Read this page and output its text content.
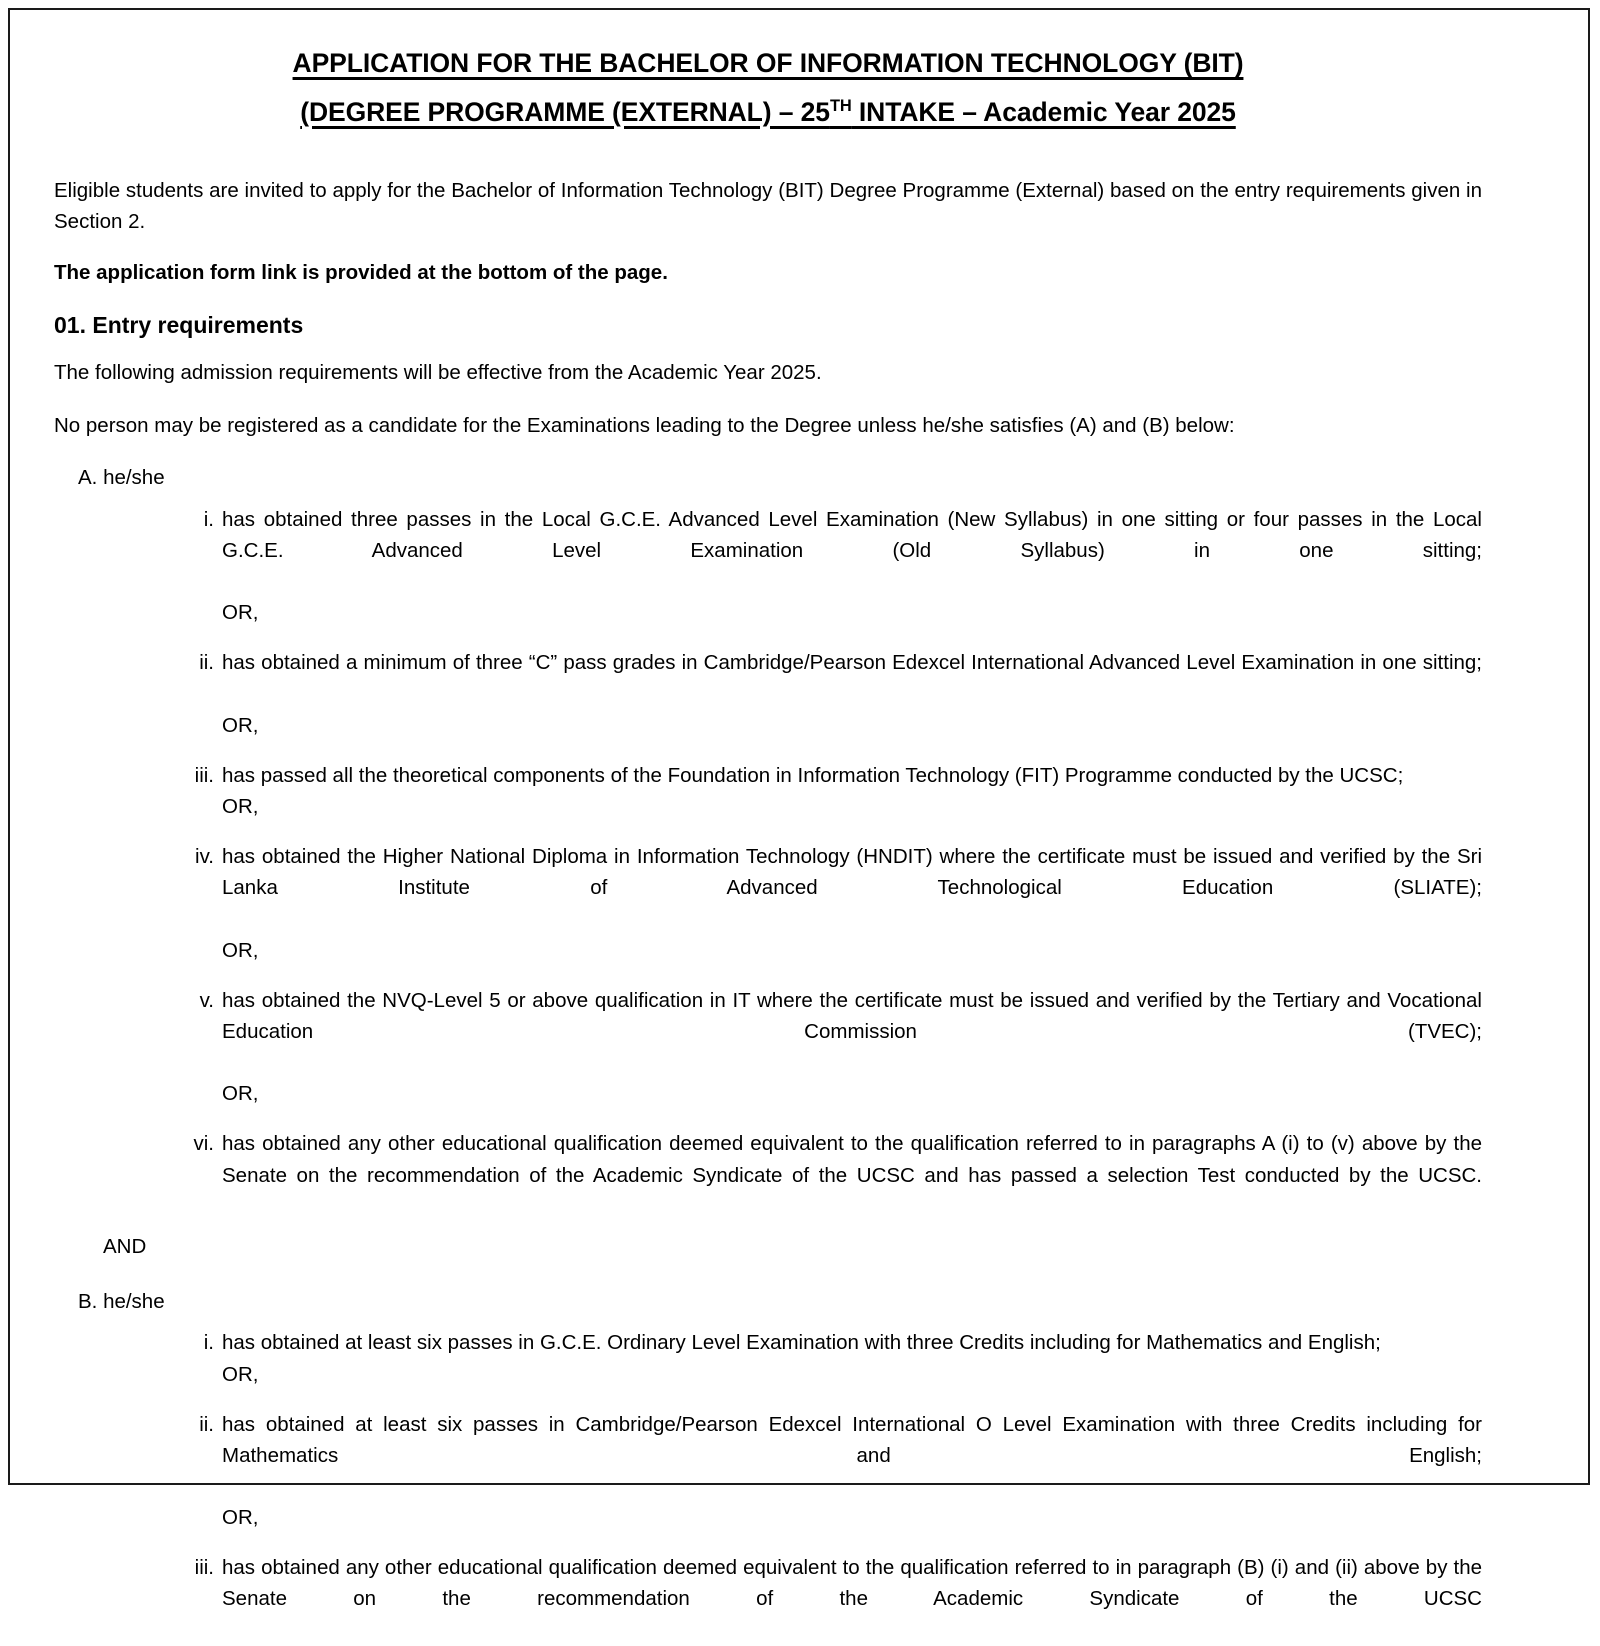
APPLICATION FOR THE BACHELOR OF INFORMATION TECHNOLOGY (BIT)
(DEGREE PROGRAMME (EXTERNAL) – 25TH INTAKE – Academic Year 2025

Eligible students are invited to apply for the Bachelor of Information Technology (BIT) Degree Programme (External) based on the entry requirements given in Section 2.

The application form link is provided at the bottom of the page.

01. Entry requirements

The following admission requirements will be effective from the Academic Year 2025.

No person may be registered as a candidate for the Examinations leading to the Degree unless he/she satisfies (A) and (B) below:

A. he/she
i. has obtained three passes in the Local G.C.E. Advanced Level Examination (New Syllabus) in one sitting or four passes in the Local G.C.E. Advanced Level Examination (Old Syllabus) in one sitting;
OR,
ii. has obtained a minimum of three “C” pass grades in Cambridge/Pearson Edexcel International Advanced Level Examination in one sitting;
OR,
iii. has passed all the theoretical components of the Foundation in Information Technology (FIT) Programme conducted by the UCSC;
OR,
iv. has obtained the Higher National Diploma in Information Technology (HNDIT) where the certificate must be issued and verified by the Sri Lanka Institute of Advanced Technological Education (SLIATE);
OR,
v. has obtained the NVQ-Level 5 or above qualification in IT where the certificate must be issued and verified by the Tertiary and Vocational Education Commission (TVEC);
OR,
vi. has obtained any other educational qualification deemed equivalent to the qualification referred to in paragraphs A (i) to (v) above by the Senate on the recommendation of the Academic Syndicate of the UCSC and has passed a selection Test conducted by the UCSC.
AND
B. he/she
i. has obtained at least six passes in G.C.E. Ordinary Level Examination with three Credits including for Mathematics and English;
OR,
ii. has obtained at least six passes in Cambridge/Pearson Edexcel International O Level Examination with three Credits including for Mathematics and English;
OR,
iii. has obtained any other educational qualification deemed equivalent to the qualification referred to in paragraph (B) (i) and (ii) above by the Senate on the recommendation of the Academic Syndicate of the UCSC
